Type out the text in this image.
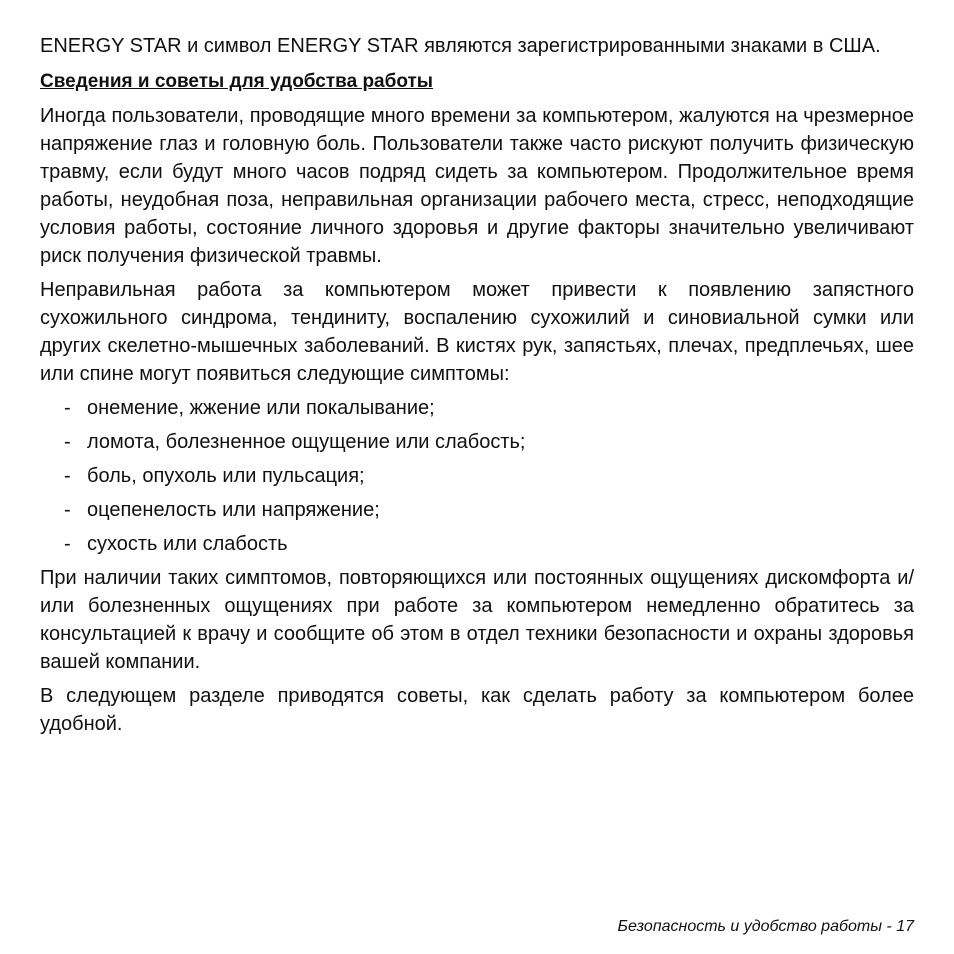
ENERGY STAR и символ ENERGY STAR являются зарегистрированными знаками в США.

Сведения и советы для удобства работы

Иногда пользователи, проводящие много времени за компьютером, жалуются на чрезмерное напряжение глаз и головную боль. Пользователи также часто рискуют получить физическую травму, если будут много часов подряд сидеть за компьютером. Продолжительное время работы, неудобная поза, неправильная организации рабочего места, стресс, неподходящие условия работы, состояние личного здоровья и другие факторы значительно увеличивают риск получения физической травмы.

Неправильная работа за компьютером может привести к появлению запястного сухожильного синдрома, тендиниту, воспалению сухожилий и синовиальной сумки или других скелетно-мышечных заболеваний. В кистях рук, запястьях, плечах, предплечьях, шее или спине могут появиться следующие симптомы:

- онемение, жжение или покалывание;
- ломота, болезненное ощущение или слабость;
- боль, опухоль или пульсация;
- оцепенелость или напряжение;
- сухость или слабость

При наличии таких симптомов, повторяющихся или постоянных ощущениях дискомфорта и/или болезненных ощущениях при работе за компьютером немедленно обратитесь за консультацией к врачу и сообщите об этом в отдел техники безопасности и охраны здоровья вашей компании.

В следующем разделе приводятся советы, как сделать работу за компьютером более удобной.

Безопасность и удобство работы - 17
